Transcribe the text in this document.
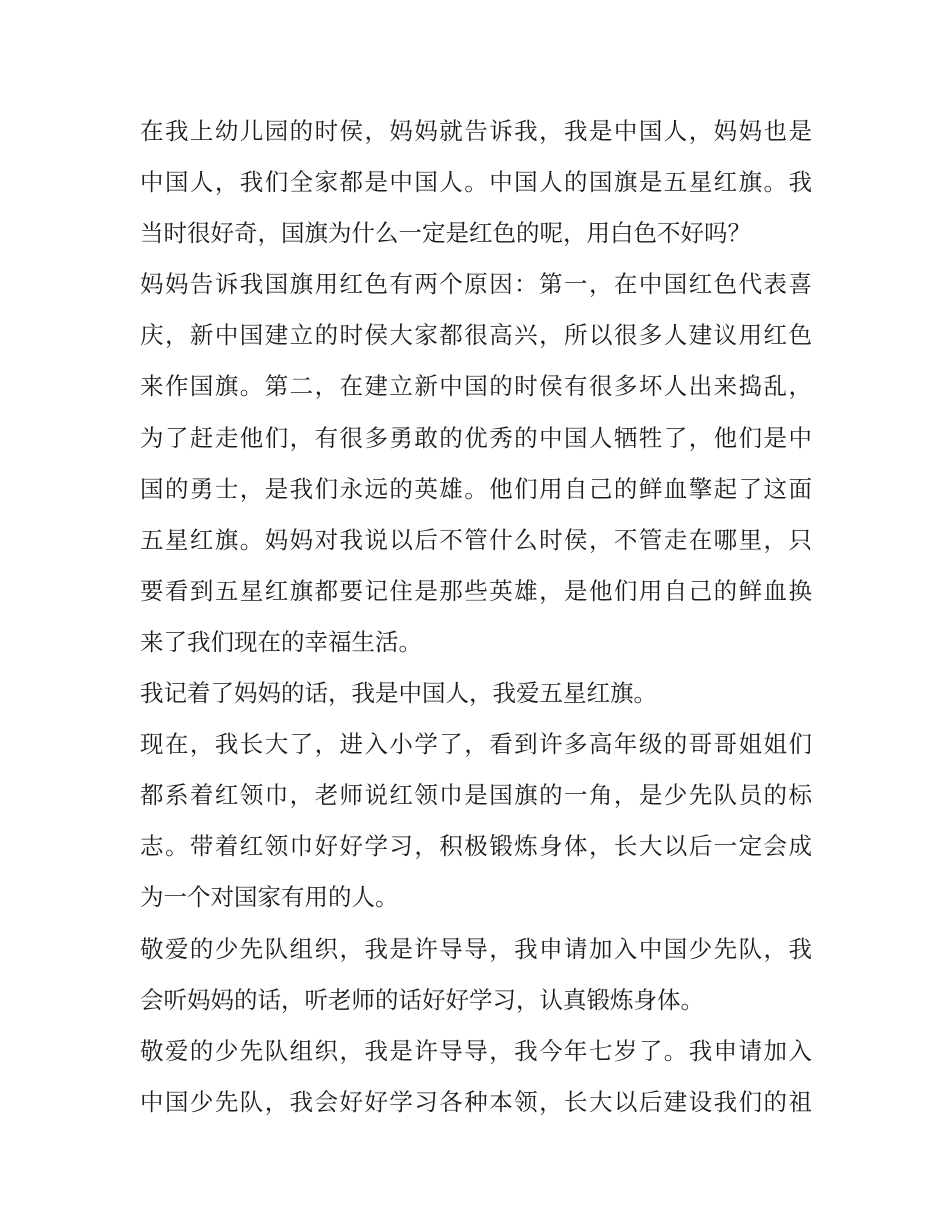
在我上幼儿园的时侯，妈妈就告诉我，我是中国人，妈妈也是
中国人，我们全家都是中国人。中国人的国旗是五星红旗。我
当时很好奇，国旗为什么一定是红色的呢，用白色不好吗？
妈妈告诉我国旗用红色有两个原因：第一，在中国红色代表喜
庆，新中国建立的时侯大家都很高兴，所以很多人建议用红色
来作国旗。第二，在建立新中国的时侯有很多坏人出来捣乱，
为了赶走他们，有很多勇敢的优秀的中国人牺牲了，他们是中
国的勇士，是我们永远的英雄。他们用自己的鲜血擎起了这面
五星红旗。妈妈对我说以后不管什么时侯，不管走在哪里，只
要看到五星红旗都要记住是那些英雄，是他们用自己的鲜血换
来了我们现在的幸福生活。
我记着了妈妈的话，我是中国人，我爱五星红旗。
现在，我长大了，进入小学了，看到许多高年级的哥哥姐姐们
都系着红领巾，老师说红领巾是国旗的一角，是少先队员的标
志。带着红领巾好好学习，积极锻炼身体，长大以后一定会成
为一个对国家有用的人。
敬爱的少先队组织，我是许导导，我申请加入中国少先队，我
会听妈妈的话，听老师的话好好学习，认真锻炼身体。
敬爱的少先队组织，我是许导导，我今年七岁了。我申请加入
中国少先队，我会好好学习各种本领，长大以后建设我们的祖
